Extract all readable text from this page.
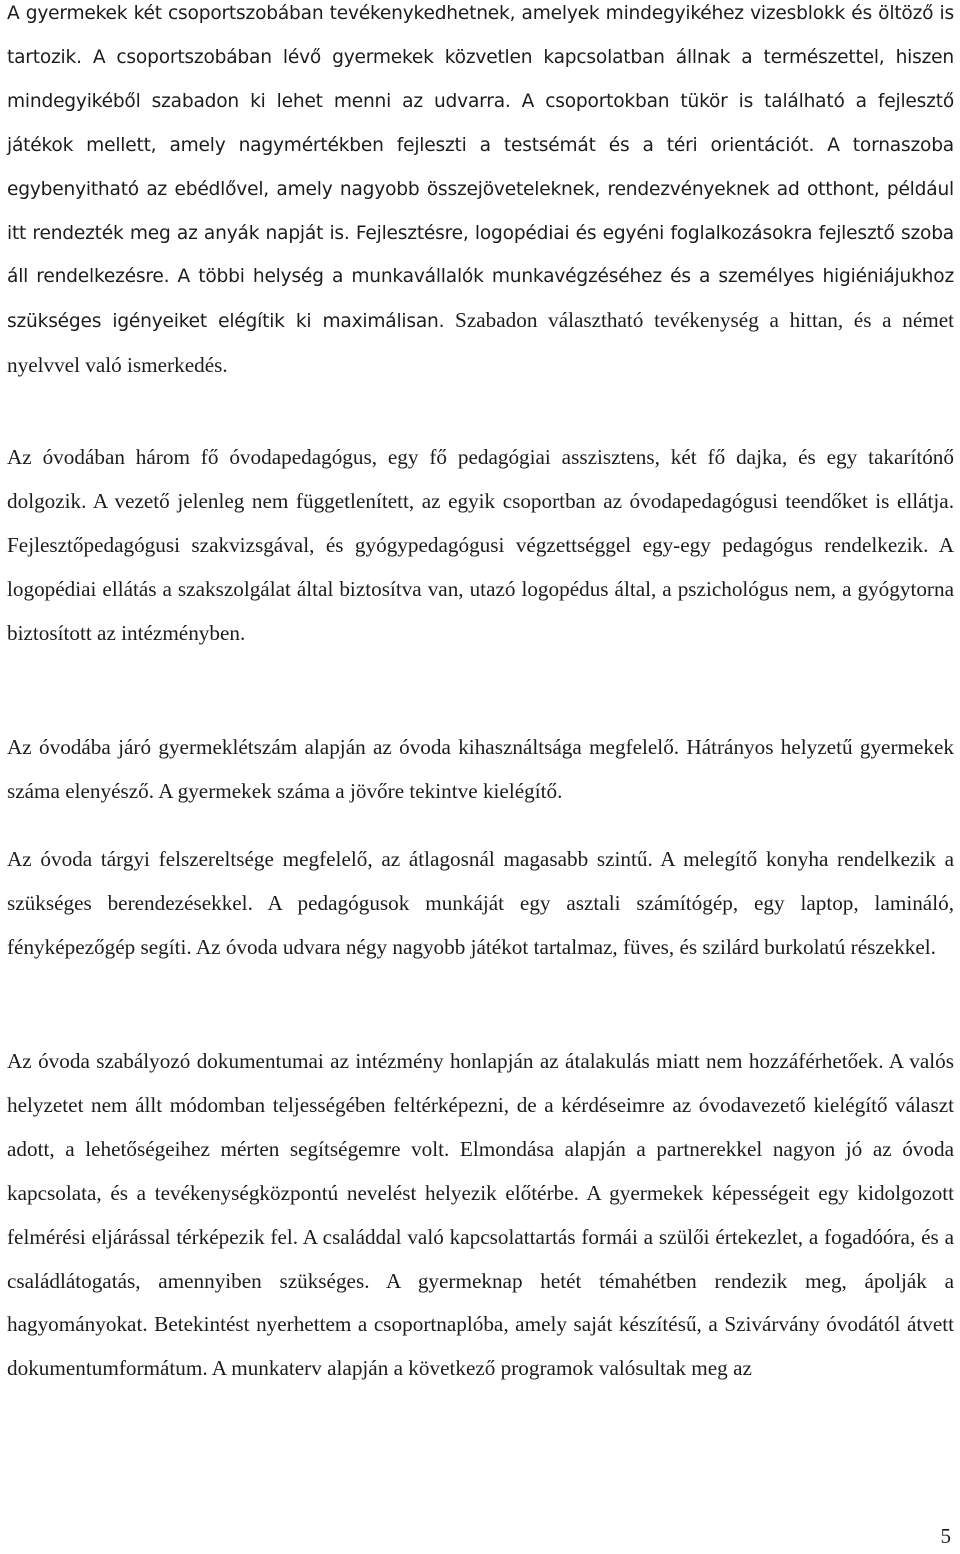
A gyermekek két csoportszobában tevékenykedhetnek, amelyek mindegyikéhez vizesblokk és öltöző is tartozik. A csoportszobában lévő gyermekek közvetlen kapcsolatban állnak a természettel, hiszen mindegyikéből szabadon ki lehet menni az udvarra. A csoportokban tükör is található a fejlesztő játékok mellett, amely nagymértékben fejleszti a testsémát és a téri orientációt. A tornaszoba egybenyitható az ebédlővel, amely nagyobb összejöveteleknek, rendezvényeknek ad otthont, például itt rendezték meg az anyák napját is. Fejlesztésre, logopédiai és egyéni foglalkozásokra fejlesztő szoba áll rendelkezésre. A többi helység a munkavállalók munkavégzéséhez és a személyes higiéniájukhoz szükséges igényeiket elégítik ki maximálisan. Szabadon választható tevékenység a hittan, és a német nyelvvel való ismerkedés.

Az óvodában három fő óvodapedagógus, egy fő pedagógiai asszisztens, két fő dajka, és egy takarítónő dolgozik. A vezető jelenleg nem függetlenített, az egyik csoportban az óvodapedagógusi teendőket is ellátja. Fejlesztőpedagógusi szakvizsgával, és gyógypedagógusi végzettséggel egy-egy pedagógus rendelkezik. A logopédiai ellátás a szakszolgálat által biztosítva van, utazó logopédus által, a pszichológus nem, a gyógytorna biztosított az intézményben.

Az óvodába járó gyermeklétszám alapján az óvoda kihasználtsága megfelelő. Hátrányos helyzetű gyermekek száma elenyésző. A gyermekek száma a jövőre tekintve kielégítő.

Az óvoda tárgyi felszereltsége megfelelő, az átlagosnál magasabb szintű. A melegítő konyha rendelkezik a szükséges berendezésekkel. A pedagógusok munkáját egy asztali számítógép, egy laptop, lamináló, fényképezőgép segíti. Az óvoda udvara négy nagyobb játékot tartalmaz, füves, és szilárd burkolatú részekkel.

Az óvoda szabályozó dokumentumai az intézmény honlapján az átalakulás miatt nem hozzáférhetőek. A valós helyzetet nem állt módomban teljességében feltérképezni, de a kérdéseimre az óvodavezető kielégítő választ adott, a lehetőségeihez mérten segítségemre volt. Elmondása alapján a partnerekkel nagyon jó az óvoda kapcsolata, és a tevékenységközpontú nevelést helyezik előtérbe. A gyermekek képességeit egy kidolgozott felmérési eljárással térképezik fel. A családdal való kapcsolattartás formái a szülői értekezlet, a fogadóóra, és a családlátogatás, amennyiben szükséges. A gyermeknap hetét témahétben rendezik meg, ápolják a hagyományokat. Betekintést nyerhettem a csoportnaplóba, amely saját készítésű, a Szivárvány óvodától átvett dokumentumformátum. A munkaterv alapján a következő programok valósultak meg az

5
